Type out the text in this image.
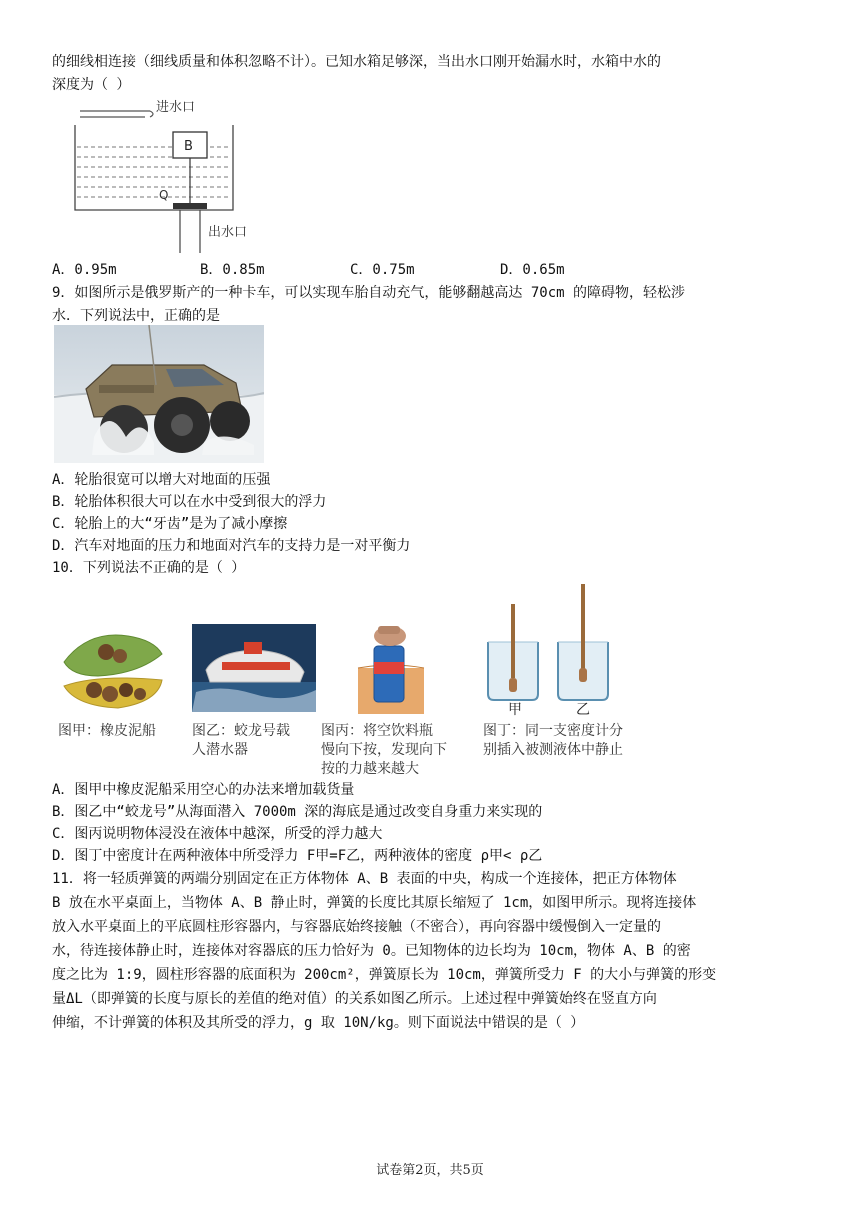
的细线相连接（细线质量和体积忽略不计）。已知水箱足够深，当出水口刚开始漏水时，水箱中水的
深度为（ ）
进水口
B
Q
出水口
A．0.95m	B．0.85m	C．0.75m	D．0.65m
9．如图所示是俄罗斯产的一种卡车，可以实现车胎自动充气，能够翻越高达 70cm 的障碍物，轻松涉
水．下列说法中，正确的是
A．轮胎很宽可以增大对地面的压强
B．轮胎体积很大可以在水中受到很大的浮力
C．轮胎上的大“牙齿”是为了减小摩擦
D．汽车对地面的压力和地面对汽车的支持力是一对平衡力
10．下列说法不正确的是（ ）
图甲：橡皮泥船	图乙：蛟龙号载
人潜水器
图丙：将空饮料瓶
慢向下按，发现向下
按的力越来越大
甲	乙
图丁：同一支密度计分
别插入被测液体中静止
A．图甲中橡皮泥船采用空心的办法来增加载货量
B．图乙中“蛟龙号”从海面潜入 7000m 深的海底是通过改变自身重力来实现的
C．图丙说明物体浸没在液体中越深，所受的浮力越大
D．图丁中密度计在两种液体中所受浮力 F甲=F乙，两种液体的密度 ρ甲< ρ乙
11．将一轻质弹簧的两端分别固定在正方体物体 A、B 表面的中央，构成一个连接体，把正方体物体
B 放在水平桌面上，当物体 A、B 静止时，弹簧的长度比其原长缩短了 1cm，如图甲所示。现将连接体
放入水平桌面上的平底圆柱形容器内，与容器底始终接触（不密合），再向容器中缓慢倒入一定量的
水，待连接体静止时，连接体对容器底的压力恰好为 0。已知物体的边长均为 10cm，物体 A、B 的密
度之比为 1:9，圆柱形容器的底面积为 200cm²，弹簧原长为 10cm，弹簧所受力 F 的大小与弹簧的形变
量ΔL（即弹簧的长度与原长的差值的绝对值）的关系如图乙所示。上述过程中弹簧始终在竖直方向
伸缩，不计弹簧的体积及其所受的浮力，g 取 10N/kg。则下面说法中错误的是（ ）
试卷第2页，共5页
